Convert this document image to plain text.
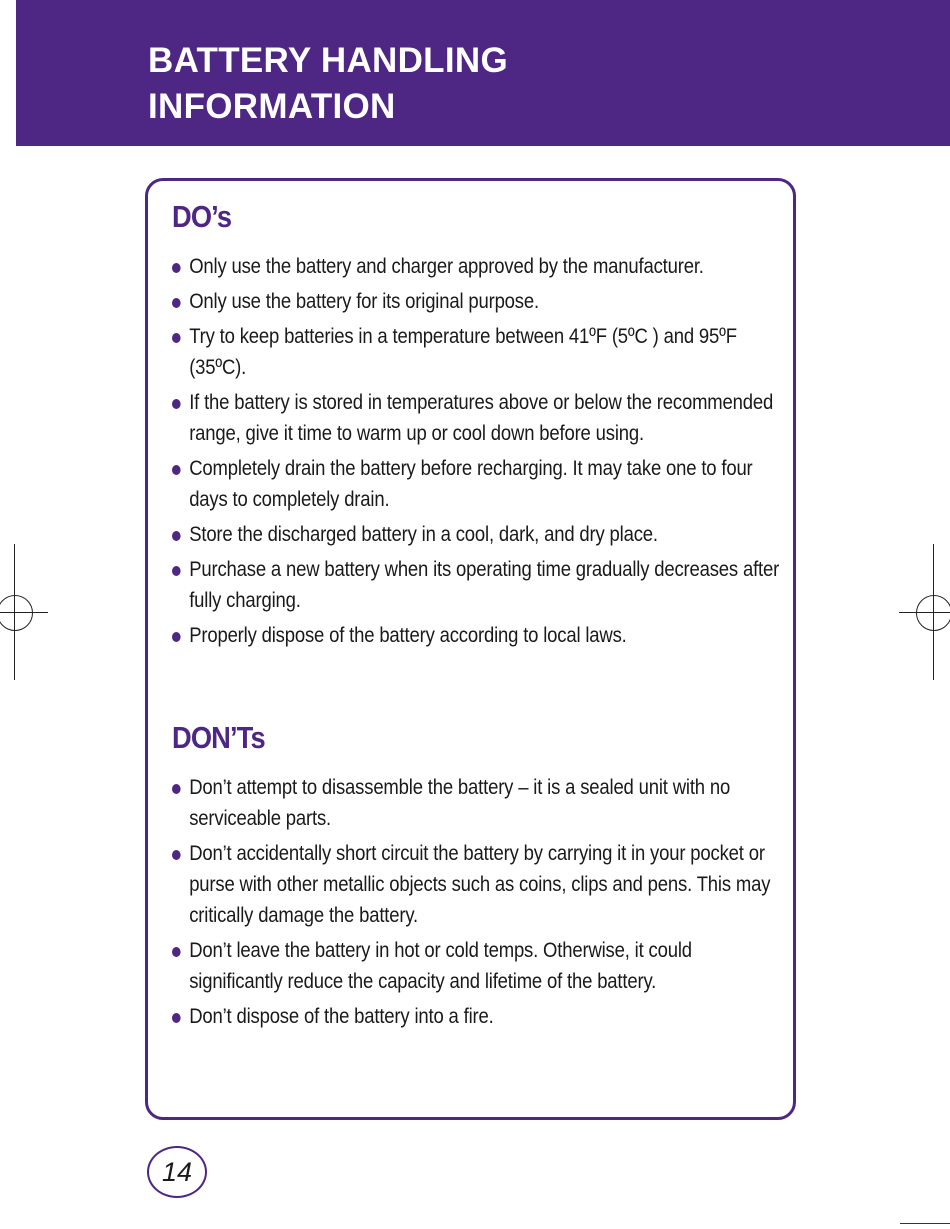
BATTERY HANDLING
INFORMATION
DO’s
Only use the battery and charger approved by the manufacturer.
Only use the battery for its original purpose.
Try to keep batteries in a temperature between 41ºF (5ºC ) and 95ºF (35ºC).
If the battery is stored in temperatures above or below the recommended range, give it time to warm up or cool down before using.
Completely drain the battery before recharging. It may take one to four days to completely drain.
Store the discharged battery in a cool, dark, and dry place.
Purchase a new battery when its operating time gradually decreases after fully charging.
Properly dispose of the battery according to local laws.
DON’Ts
Don’t attempt to disassemble the battery – it is a sealed unit with no serviceable parts.
Don’t accidentally short circuit the battery by carrying it in your pocket or purse with other metallic objects such as coins, clips and pens. This may critically damage the battery.
Don’t leave the battery in hot or cold temps. Otherwise, it could significantly reduce the capacity and lifetime of the battery.
Don’t dispose of the battery into a fire.
14
